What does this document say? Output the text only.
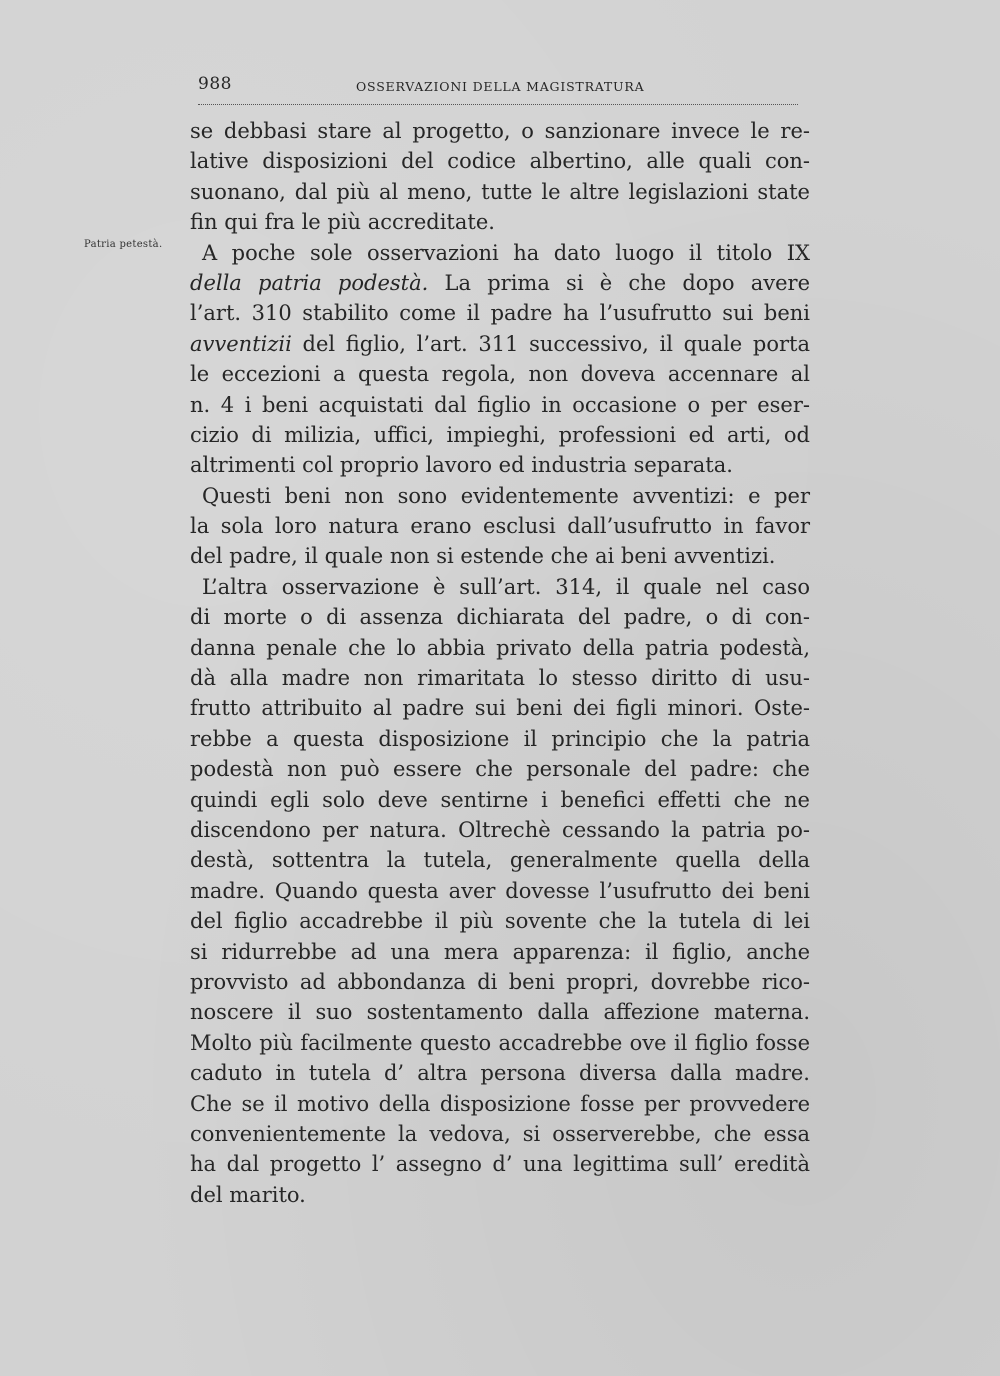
988	OSSERVAZIONI DELLA MAGISTRATURA
Patria petestà.
se debbasi stare al progetto, o sanzionare invece le re-
lative disposizioni del codice albertino, alle quali con-
suonano, dal più al meno, tutte le altre legislazioni state
fin qui fra le più accreditate.
A poche sole osservazioni ha dato luogo il titolo IX
della patria podestà. La prima si è che dopo avere
l’art. 310 stabilito come il padre ha l’usufrutto sui beni
avventizii del figlio, l’art. 311 successivo, il quale porta
le eccezioni a questa regola, non doveva accennare al
n. 4 i beni acquistati dal figlio in occasione o per eser-
cizio di milizia, uffici, impieghi, professioni ed arti, od
altrimenti col proprio lavoro ed industria separata.
Questi beni non sono evidentemente avventizi: e per
la sola loro natura erano esclusi dall’usufrutto in favor
del padre, il quale non si estende che ai beni avventizi.
L’altra osservazione è sull’art. 314, il quale nel caso
di morte o di assenza dichiarata del padre, o di con-
danna penale che lo abbia privato della patria podestà,
dà alla madre non rimaritata lo stesso diritto di usu-
frutto attribuito al padre sui beni dei figli minori. Oste-
rebbe a questa disposizione il principio che la patria
podestà non può essere che personale del padre: che
quindi egli solo deve sentirne i benefici effetti che ne
discendono per natura. Oltrechè cessando la patria po-
destà, sottentra la tutela, generalmente quella della
madre. Quando questa aver dovesse l’usufrutto dei beni
del figlio accadrebbe il più sovente che la tutela di lei
si ridurrebbe ad una mera apparenza: il figlio, anche
provvisto ad abbondanza di beni propri, dovrebbe rico-
noscere il suo sostentamento dalla affezione materna.
Molto più facilmente questo accadrebbe ove il figlio fosse
caduto in tutela d’ altra persona diversa dalla madre.
Che se il motivo della disposizione fosse per provvedere
convenientemente la vedova, si osserverebbe, che essa
ha dal progetto l’ assegno d’ una legittima sull’ eredità
del marito.
